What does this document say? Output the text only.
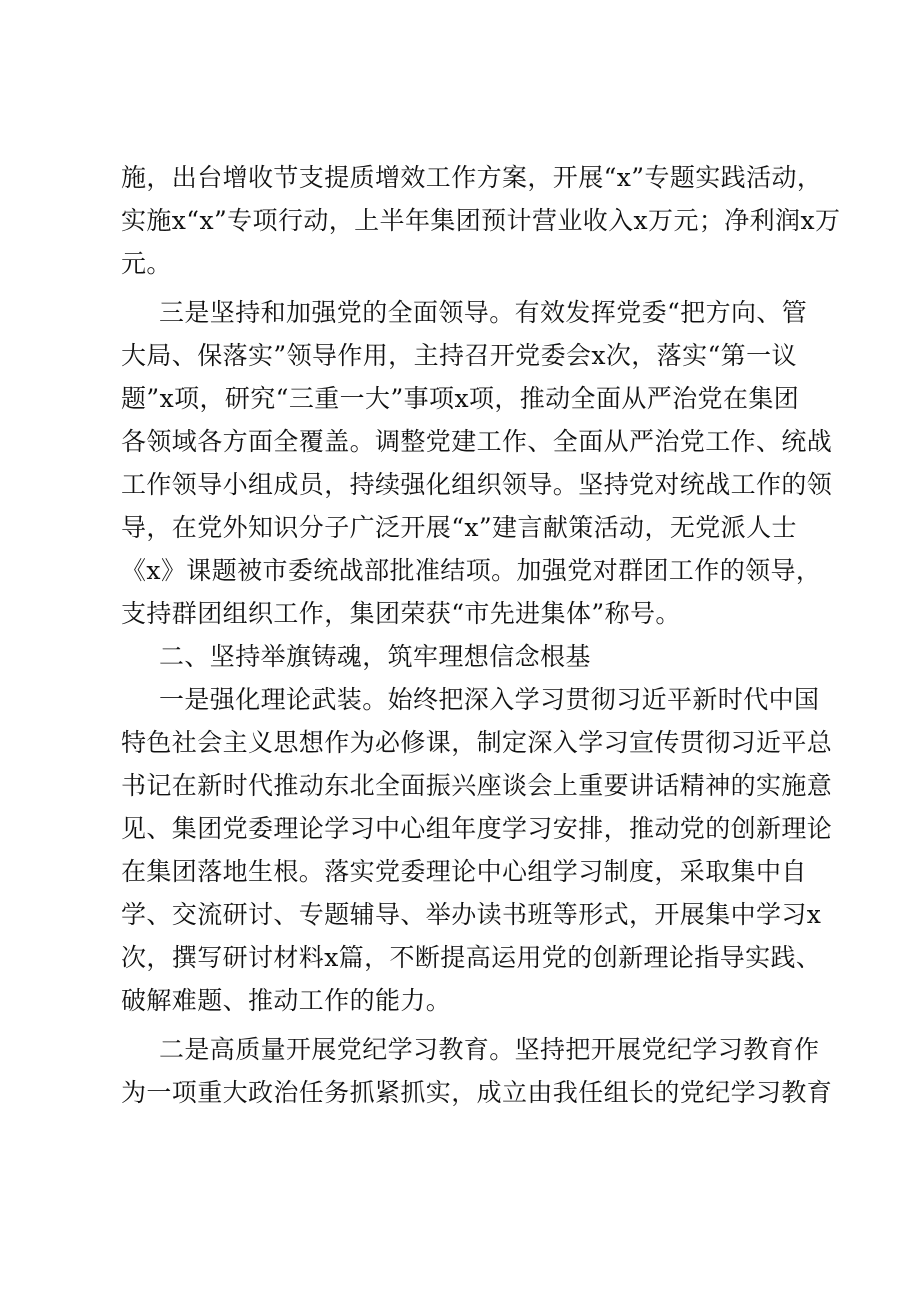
施，出台增收节支提质增效工作方案，开展“x”专题实践活动，
实施x“x”专项行动，上半年集团预计营业收入x万元；净利润x万
元。
三是坚持和加强党的全面领导。有效发挥党委“把方向、管
大局、保落实”领导作用，主持召开党委会x次，落实“第一议
题”x项，研究“三重一大”事项x项，推动全面从严治党在集团
各领域各方面全覆盖。调整党建工作、全面从严治党工作、统战
工作领导小组成员，持续强化组织领导。坚持党对统战工作的领
导，在党外知识分子广泛开展“x”建言献策活动，无党派人士
《x》课题被市委统战部批准结项。加强党对群团工作的领导，
支持群团组织工作，集团荣获“市先进集体”称号。
二、坚持举旗铸魂，筑牢理想信念根基
一是强化理论武装。始终把深入学习贯彻习近平新时代中国
特色社会主义思想作为必修课，制定深入学习宣传贯彻习近平总
书记在新时代推动东北全面振兴座谈会上重要讲话精神的实施意
见、集团党委理论学习中心组年度学习安排，推动党的创新理论
在集团落地生根。落实党委理论中心组学习制度，采取集中自
学、交流研讨、专题辅导、举办读书班等形式，开展集中学习x
次，撰写研讨材料x篇，不断提高运用党的创新理论指导实践、
破解难题、推动工作的能力。
二是高质量开展党纪学习教育。坚持把开展党纪学习教育作
为一项重大政治任务抓紧抓实，成立由我任组长的党纪学习教育
